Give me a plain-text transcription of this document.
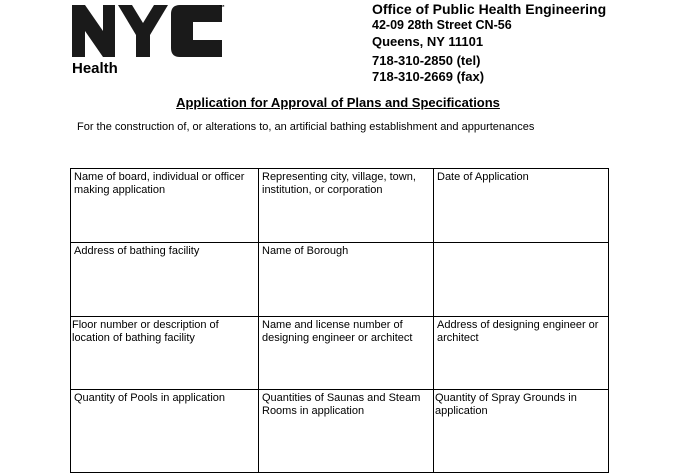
™
Health
Office of Public Health Engineering
42-09 28th Street CN-56
Queens, NY 11101
718-310-2850 (tel)
718-310-2669 (fax)
Application for Approval of Plans and Specifications
For the construction of, or alterations to, an artificial bathing establishment and appurtenances
Name of board, individual or officer making application	Representing city, village, town, institution, or corporation	Date of Application
Address of bathing facility	Name of Borough	
Floor number or description of location of bathing facility	Name and license number of designing engineer or architect	Address of designing engineer or architect
Quantity of Pools in application	Quantities of Saunas and Steam Rooms in application	Quantity of Spray Grounds in application
